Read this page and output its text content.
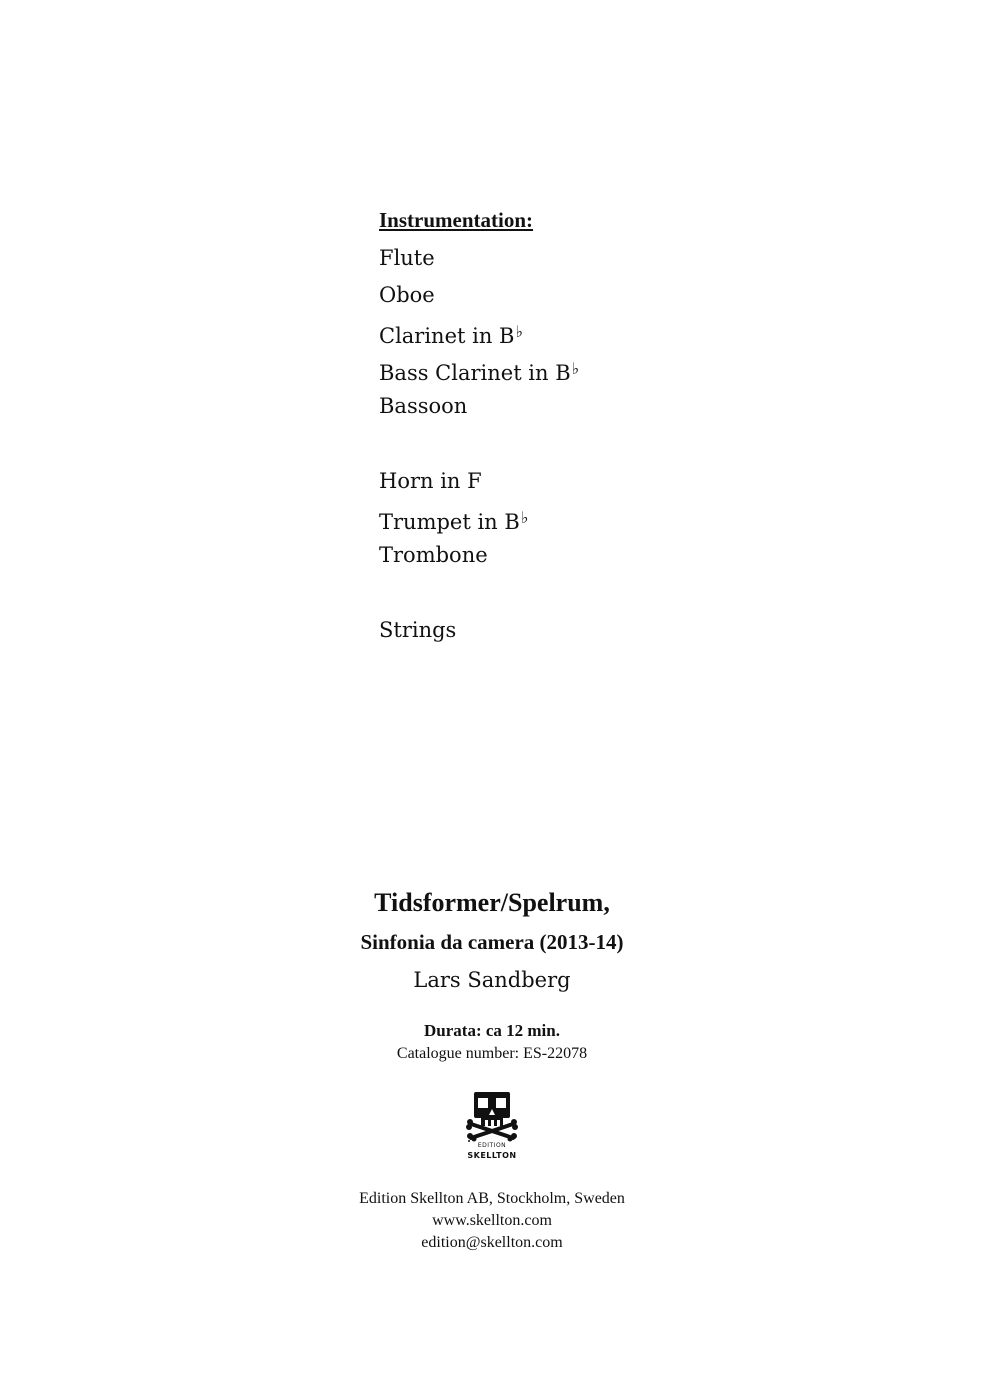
Instrumentation:
Flute
Oboe
Clarinet in B♭
Bass Clarinet in B♭
Bassoon
Horn in F
Trumpet in B♭
Trombone
Strings
Tidsformer/Spelrum,
Sinfonia da camera (2013-14)
Lars Sandberg
Durata: ca 12 min.
Catalogue number: ES-22078
EDITION
SKELLTON
Edition Skellton AB, Stockholm, Sweden
www.skellton.com
edition@skellton.com
